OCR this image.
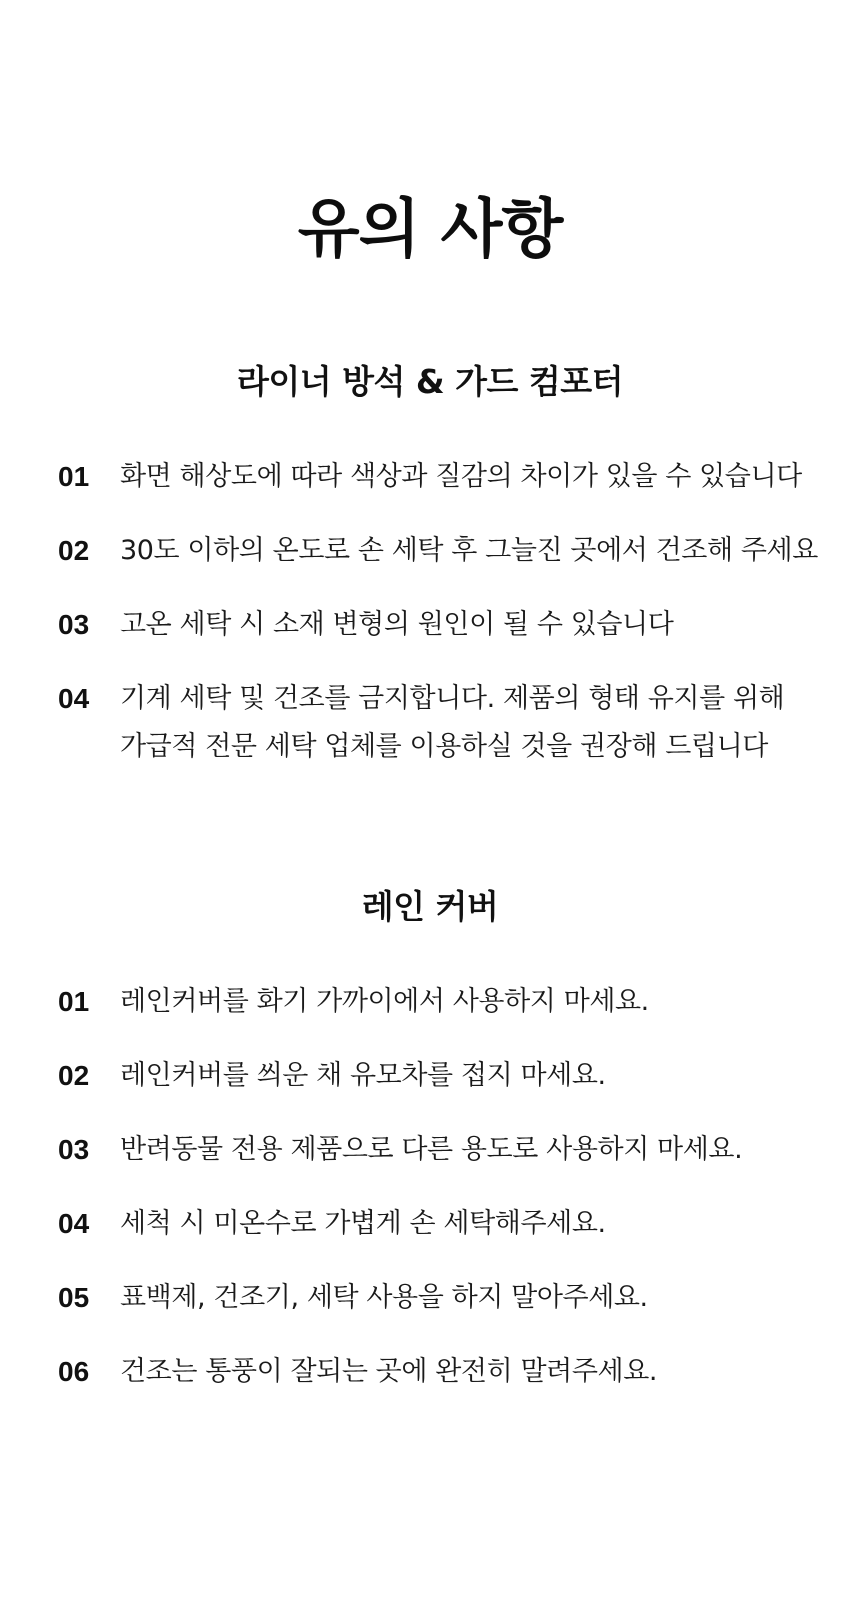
유의 사항
라이너 방석 & 가드 컴포터
01	화면 해상도에 따라 색상과 질감의 차이가 있을 수 있습니다
02	30도 이하의 온도로 손 세탁 후 그늘진 곳에서 건조해 주세요
03	고온 세탁 시 소재 변형의 원인이 될 수 있습니다
04	기계 세탁 및 건조를 금지합니다. 제품의 형태 유지를 위해
가급적 전문 세탁 업체를 이용하실 것을 권장해 드립니다
레인 커버
01	레인커버를 화기 가까이에서 사용하지 마세요.
02	레인커버를 씌운 채 유모차를 접지 마세요.
03	반려동물 전용 제품으로 다른 용도로 사용하지 마세요.
04	세척 시 미온수로 가볍게 손 세탁해주세요.
05	표백제, 건조기, 세탁 사용을 하지 말아주세요.
06	건조는 통풍이 잘되는 곳에 완전히 말려주세요.
